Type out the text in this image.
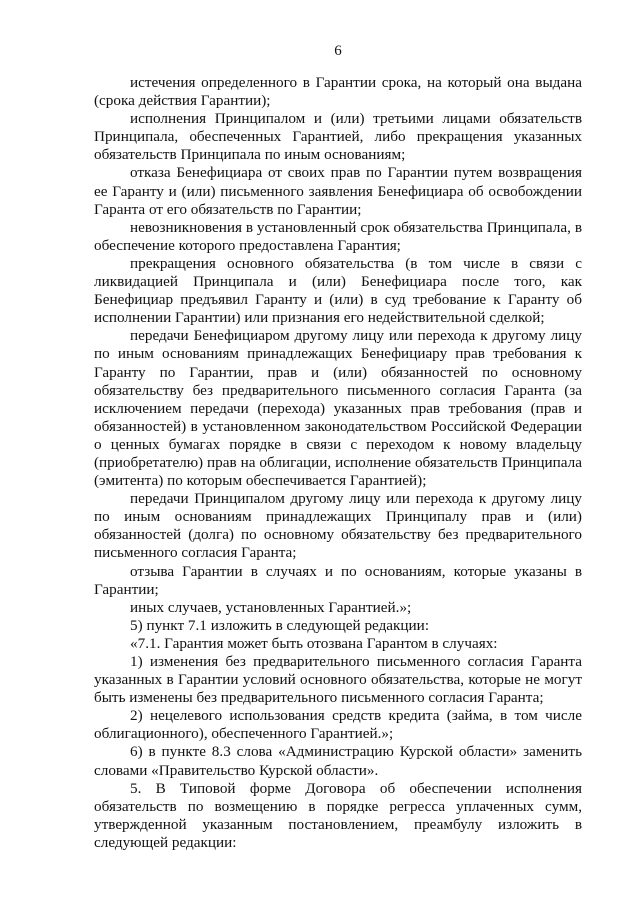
6

истечения определенного в Гарантии срока, на который она выдана (срока действия Гарантии);

исполнения Принципалом и (или) третьими лицами обязательств Принципала, обеспеченных Гарантией, либо прекращения указанных обязательств Принципала по иным основаниям;

отказа Бенефициара от своих прав по Гарантии путем возвращения ее Гаранту и (или) письменного заявления Бенефициара об освобождении Гаранта от его обязательств по Гарантии;

невозникновения в установленный срок обязательства Принципала, в обеспечение которого предоставлена Гарантия;

прекращения основного обязательства (в том числе в связи с ликвидацией Принципала и (или) Бенефициара после того, как Бенефициар предъявил Гаранту и (или) в суд требование к Гаранту об исполнении Гарантии) или признания его недействительной сделкой;

передачи Бенефициаром другому лицу или перехода к другому лицу по иным основаниям принадлежащих Бенефициару прав требования к Гаранту по Гарантии, прав и (или) обязанностей по основному обязательству без предварительного письменного согласия Гаранта (за исключением передачи (перехода) указанных прав требования (прав и обязанностей) в установленном законодательством Российской Федерации о ценных бумагах порядке в связи с переходом к новому владельцу (приобретателю) прав на облигации, исполнение обязательств Принципала (эмитента) по которым обеспечивается Гарантией);

передачи Принципалом другому лицу или перехода к другому лицу по иным основаниям принадлежащих Принципалу прав и (или) обязанностей (долга) по основному обязательству без предварительного письменного согласия Гаранта;

отзыва Гарантии в случаях и по основаниям, которые указаны в Гарантии;

иных случаев, установленных Гарантией.»;

5) пункт 7.1 изложить в следующей редакции:

«7.1. Гарантия может быть отозвана Гарантом в случаях:

1) изменения без предварительного письменного согласия Гаранта указанных в Гарантии условий основного обязательства, которые не могут быть изменены без предварительного письменного согласия Гаранта;

2) нецелевого использования средств кредита (займа, в том числе облигационного), обеспеченного Гарантией.»;

6) в пункте 8.3 слова «Администрацию Курской области» заменить словами «Правительство Курской области».

5. В Типовой форме Договора об обеспечении исполнения обязательств по возмещению в порядке регресса уплаченных сумм, утвержденной указанным постановлением, преамбулу изложить в следующей редакции:
